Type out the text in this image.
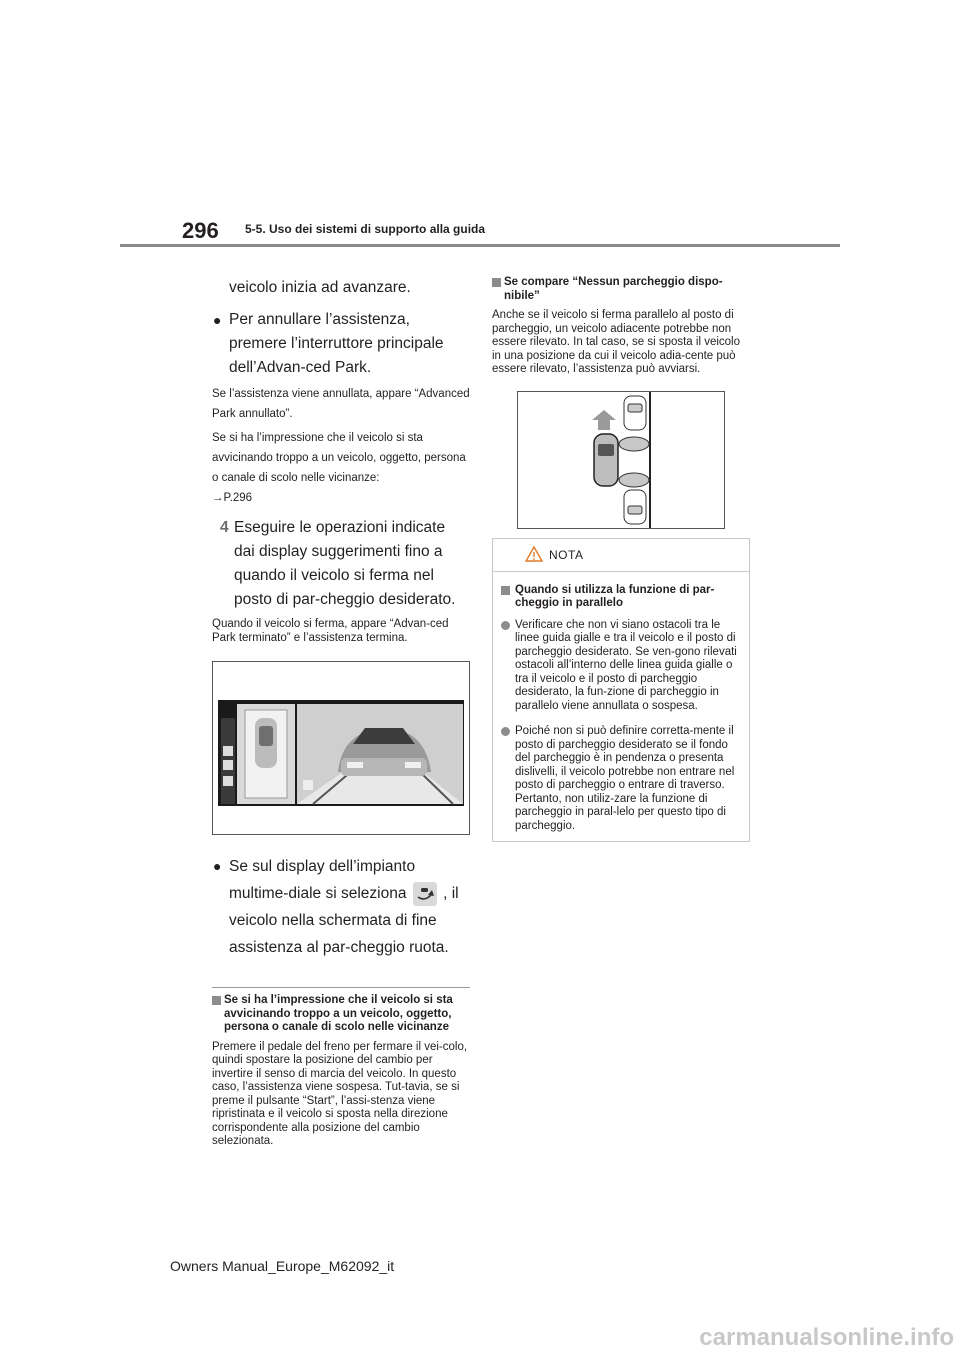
296 5-5. Uso dei sistemi di supporto alla guida

veicolo inizia ad avanzare.

● Per annullare l’assistenza, premere l’interruttore principale dell’Advan-ced Park.

Se l’assistenza viene annullata, appare “Advanced Park annullato”.

Se si ha l’impressione che il veicolo si sta avvicinando troppo a un veicolo, oggetto, persona o canale di scolo nelle vicinanze:
→P.296

4 Eseguire le operazioni indicate dai display suggerimenti fino a quando il veicolo si ferma nel posto di par-cheggio desiderato.

Quando il veicolo si ferma, appare “Advan-ced Park terminato” e l’assistenza termina.

● Se sul display dell’impianto multime-diale si seleziona , il veicolo nella schermata di fine assistenza al par-cheggio ruota.
Se si ha l’impressione che il veicolo si sta avvicinando troppo a un veicolo, oggetto, persona o canale di scolo nelle vicinanze

Premere il pedale del freno per fermare il vei-colo, quindi spostare la posizione del cambio per invertire il senso di marcia del veicolo. In questo caso, l’assistenza viene sospesa. Tut-tavia, se si preme il pulsante “Start”, l’assi-stenza viene ripristinata e il veicolo si sposta nella direzione corrispondente alla posizione del cambio selezionata.

Se compare “Nessun parcheggio dispo-nibile”

Anche se il veicolo si ferma parallelo al posto di parcheggio, un veicolo adiacente potrebbe non essere rilevato. In tal caso, se si sposta il veicolo in una posizione da cui il veicolo adia-cente può essere rilevato, l’assistenza può avviarsi.

NOTA
Quando si utilizza la funzione di par-cheggio in parallelo
Verificare che non vi siano ostacoli tra le linee guida gialle e tra il veicolo e il posto di parcheggio desiderato. Se ven-gono rilevati ostacoli all’interno delle linea guida gialle o tra il veicolo e il posto di parcheggio desiderato, la fun-zione di parcheggio in parallelo viene annullata o sospesa.
Poiché non si può definire corretta-mente il posto di parcheggio desiderato se il fondo del parcheggio è in pendenza o presenta dislivelli, il veicolo potrebbe non entrare nel posto di parcheggio o entrare di traverso. Pertanto, non utiliz-zare la funzione di parcheggio in paral-lelo per questo tipo di parcheggio.
Owners Manual_Europe_M62092_it
carmanualsonline.info
